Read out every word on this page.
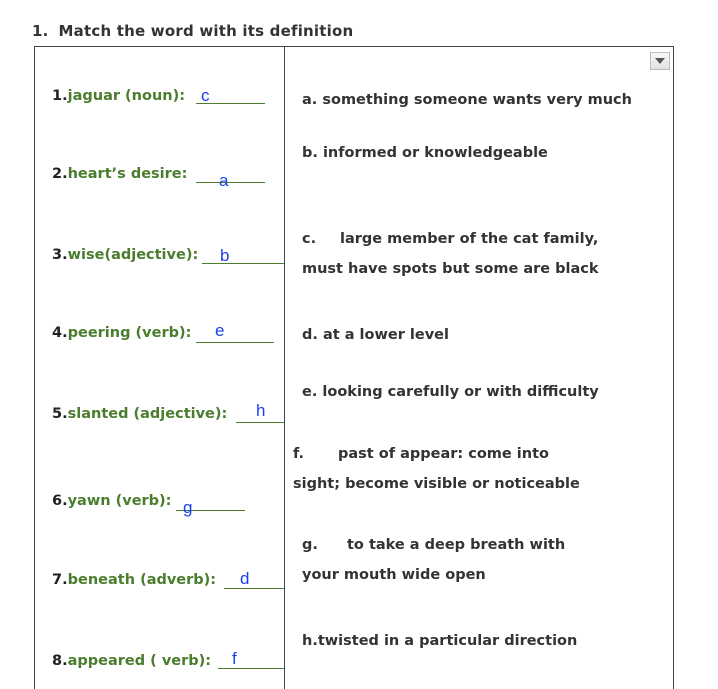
1. Match the word with its definition
1.jaguar (noun): c
2.heart’s desire: a
3.wise(adjective): b
4.peering (verb): e
5.slanted (adjective): h
6.yawn (verb): g
7.beneath (adverb): d
8.appeared ( verb): f
a. something someone wants very much
b. informed or knowledgeable
c. large member of the cat family,
must have spots but some are black
d. at a lower level
e. looking carefully or with difficulty
f. past of appear: come into
sight; become visible or noticeable
g. to take a deep breath with
your mouth wide open
h.twisted in a particular direction
